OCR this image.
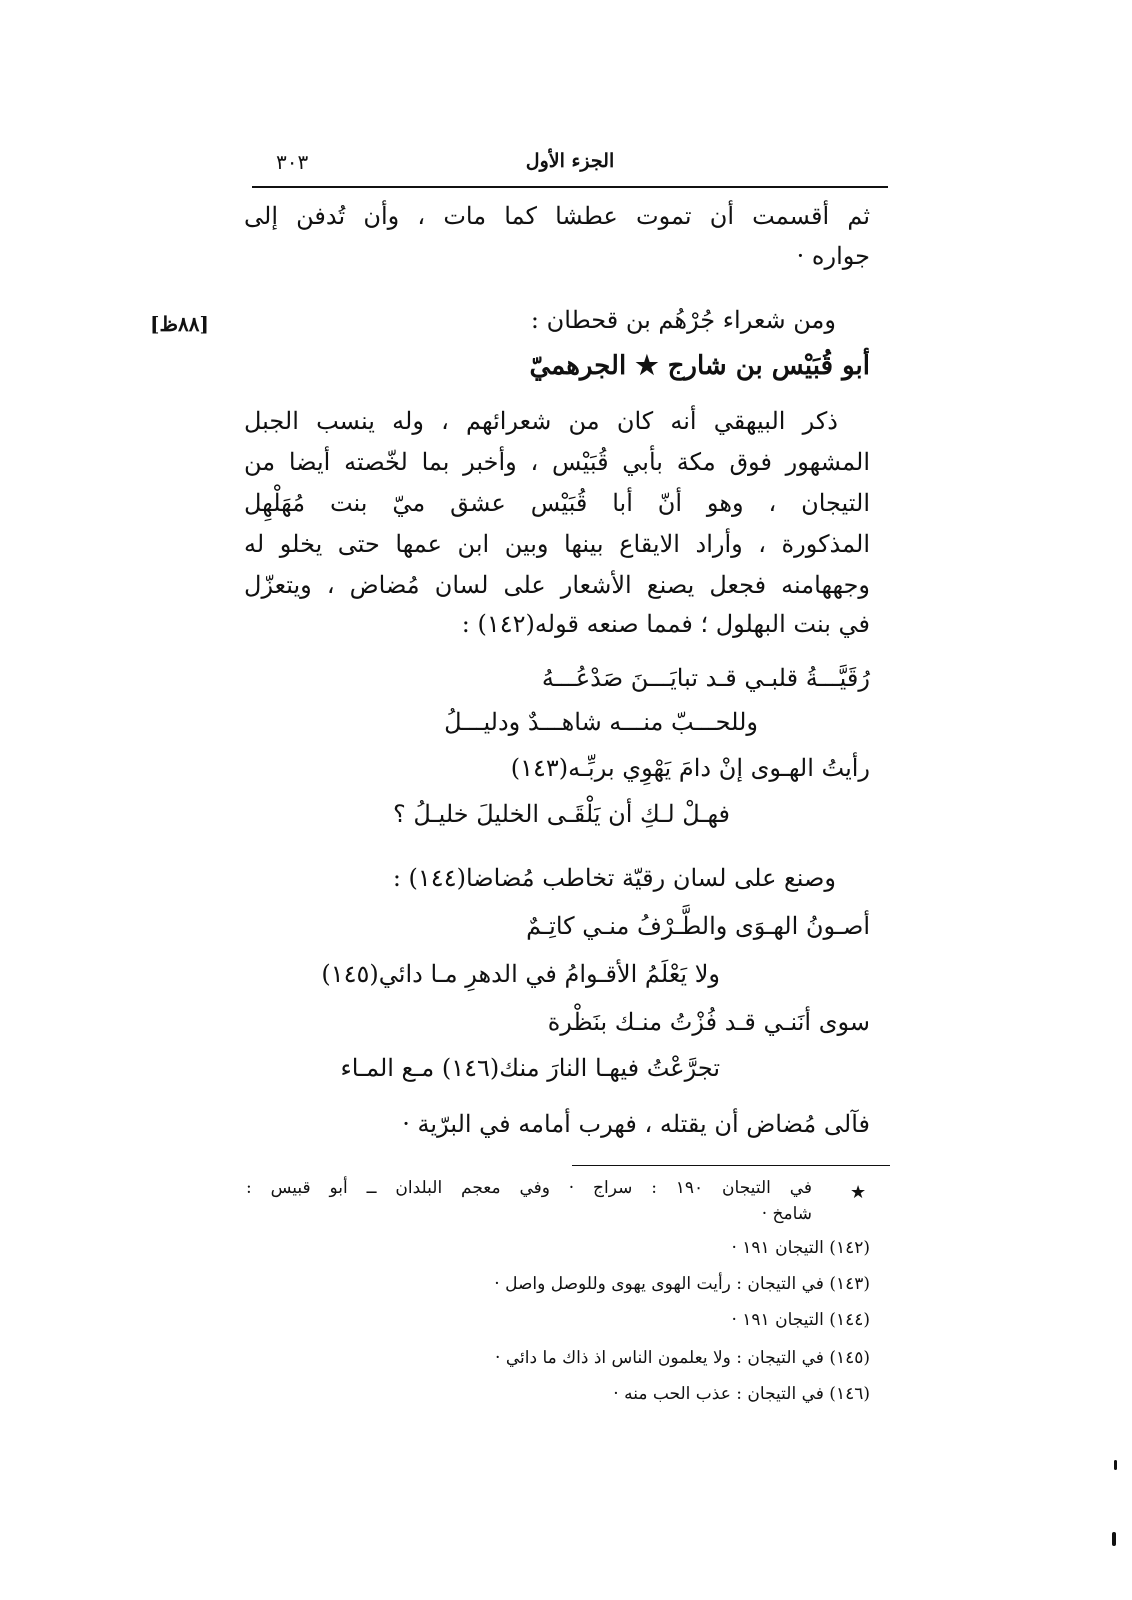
الجزء الأول
٣٠٣
[٨٨ظ]
ثم أقسمت أن تموت عطشا كما مات ، وأن تُدفن إلى
جواره ·
ومن شعراء جُرْهُم بن قحطان :
أبو قُبَيْس بن شارج ★ الجرهميّ
ذكر البيهقي أنه كان من شعرائهم ، وله ينسب الجبل
المشهور فوق مكة بأبي قُبَيْس ، وأخبر بما لخّصته أيضا من
التيجان ، وهو أنّ أبا قُبَيْس عشق ميّ بنت مُهَلْهِل
المذكورة ، وأراد الايقاع بينها وبين ابن عمها حتى يخلو له
وجههامنه فجعل يصنع الأشعار على لسان مُضاض ، ويتعزّل
في بنت البهلول ؛ فمما صنعه قوله(١٤٢) :
رُقَيَّـــةُ قلبـي قـد تبايَـــنَ صَدْعُـــهُ
وللحـــبّ منـــه شاهـــدٌ ودليـــلُ
رأيتُ الهـوى إنْ دامَ يَهْوِي بربِّـه(١٤٣)
فهـلْ لـكِ أن يَلْقَـى الخليلَ خليـلُ ؟
وصنع على لسان رقيّة تخاطب مُضاضا(١٤٤) :
أصـونُ الهـوَى والطَّـرْفُ منـي كاتِـمٌ
ولا يَعْلَمُ الأقـوامُ في الدهرِ مـا دائي(١٤٥)
سوى أنَنـي قـد فُزْتُ منـك بنَظْرة
تجرَّعْتُ فيهـا النارَ منك(١٤٦) مـع المـاء
فآلى مُضاض أن يقتله ، فهرب أمامه في البرّية ·
★
في التيجان ١٩٠ : سراج · وفي معجم البلدان ــ أبو قبيس :
شامخ ·
(١٤٢) التيجان ١٩١ ·
(١٤٣) في التيجان : رأيت الهوى يهوى وللوصل واصل ·
(١٤٤) التيجان ١٩١ ·
(١٤٥) في التيجان : ولا يعلمون الناس اذ ذاك ما دائي ·
(١٤٦) في التيجان : عذب الحب منه ·
